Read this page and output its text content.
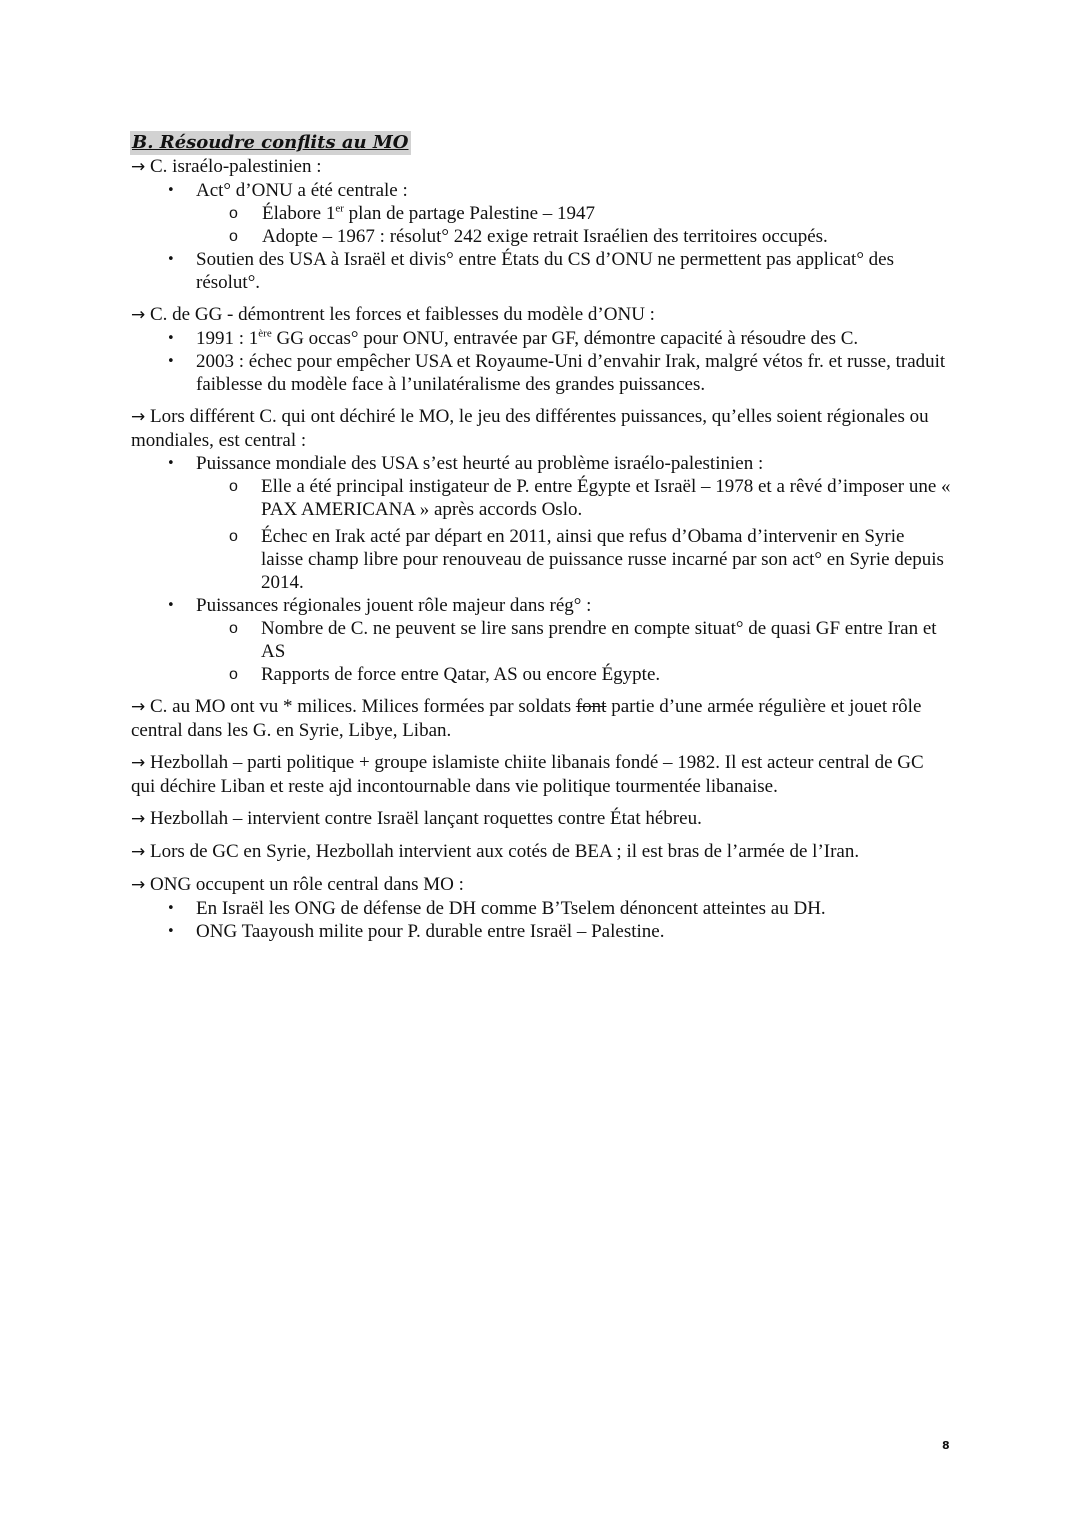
B. Résoudre conflits au MO
→ C. israélo-palestinien :
• Act° d’ONU a été centrale :
o Élabore 1er plan de partage Palestine – 1947
o Adopte – 1967 : résolut° 242 exige retrait Israélien des territoires occupés.
• Soutien des USA à Israël et divis° entre États du CS d’ONU ne permettent pas applicat° des résolut°.
→ C. de GG - démontrent les forces et faiblesses du modèle d’ONU :
• 1991 : 1ère GG occas° pour ONU, entravée par GF, démontre capacité à résoudre des C.
• 2003 : échec pour empêcher USA et Royaume-Uni d’envahir Irak, malgré vétos fr. et russe, traduit faiblesse du modèle face à l’unilatéralisme des grandes puissances.
→ Lors différent C. qui ont déchiré le MO, le jeu des différentes puissances, qu’elles soient régionales ou mondiales, est central :
• Puissance mondiale des USA s’est heurté au problème israélo-palestinien :
o Elle a été principal instigateur de P. entre Égypte et Israël – 1978 et a rêvé d’imposer une « PAX AMERICANA » après accords Oslo.
o Échec en Irak acté par départ en 2011, ainsi que refus d’Obama d’intervenir en Syrie laisse champ libre pour renouveau de puissance russe incarné par son act° en Syrie depuis 2014.
• Puissances régionales jouent rôle majeur dans rég° :
o Nombre de C. ne peuvent se lire sans prendre en compte situat° de quasi GF entre Iran et AS
o Rapports de force entre Qatar, AS ou encore Égypte.

→ C. au MO ont vu * milices. Milices formées par soldats font partie d’une armée régulière et jouet rôle central dans les G. en Syrie, Libye, Liban.

→ Hezbollah – parti politique + groupe islamiste chiite libanais fondé – 1982. Il est acteur central de GC qui déchire Liban et reste ajd incontournable dans vie politique tourmentée libanaise.

→ Hezbollah – intervient contre Israël lançant roquettes contre État hébreu.

→ Lors de GC en Syrie, Hezbollah intervient aux cotés de BEA ; il est bras de l’armée de l’Iran.

→ ONG occupent un rôle central dans MO :
• En Israël les ONG de défense de DH comme B’Tselem dénoncent atteintes au DH.
• ONG Taayoush milite pour P. durable entre Israël – Palestine.
8
